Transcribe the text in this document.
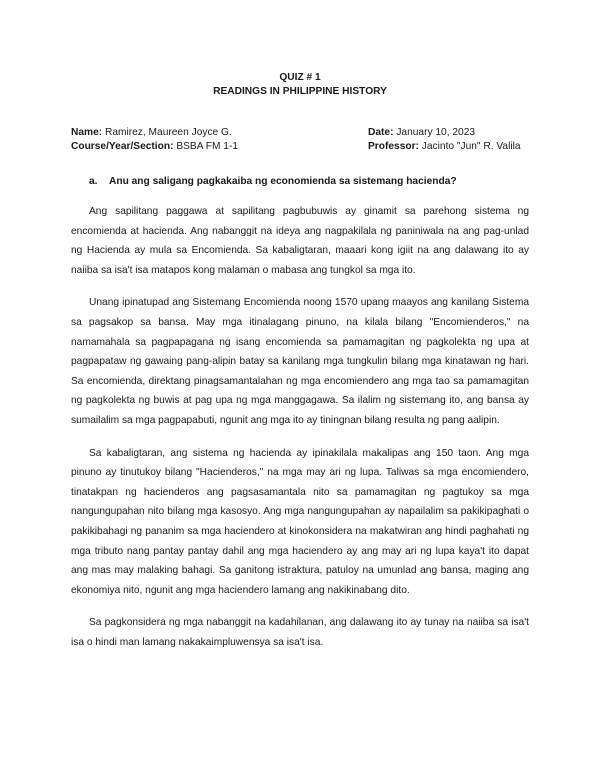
QUIZ # 1
READINGS IN PHILIPPINE HISTORY
Name: Ramirez, Maureen Joyce G.	Date: January 10, 2023
Course/Year/Section: BSBA FM 1-1	Professor: Jacinto "Jun" R. Valila
a.	Anu ang saligang pagkakaiba ng economienda sa sistemang hacienda?

Ang sapilitang paggawa at sapilitang pagbubuwis ay ginamit sa parehong sistema ng encomienda at hacienda. Ang nabanggit na ideya ang nagpakilala ng paniniwala na ang pag-unlad ng Hacienda ay mula sa Encomienda. Sa kabaligtaran, maaari kong igiit na ang dalawang ito ay naiiba sa isa't isa matapos kong malaman o mabasa ang tungkol sa mga ito.

Unang ipinatupad ang Sistemang Encomienda noong 1570 upang maayos ang kanilang Sistema sa pagsakop sa bansa. May mga itinalagang pinuno, na kilala bilang "Encomienderos," na namamahala sa pagpapagana ng isang encomienda sa pamamagitan ng pagkolekta ng upa at pagpapataw ng gawaing pang-alipin batay sa kanilang mga tungkulin bilang mga kinatawan ng hari. Sa encomienda, direktang pinagsamantalahan ng mga encomiendero ang mga tao sa pamamagitan ng pagkolekta ng buwis at pag upa ng mga manggagawa. Sa ilalim ng sistemang ito, ang bansa ay sumailalim sa mga pagpapabuti, ngunit ang mga ito ay tiningnan bilang resulta ng pang aalipin.

Sa kabaligtaran, ang sistema ng hacienda ay ipinakilala makalipas ang 150 taon. Ang mga pinuno ay tinutukoy bilang "Hacienderos," na mga may ari ng lupa. Taliwas sa mga encomiendero, tinatakpan ng hacienderos ang pagsasamantala nito sa pamamagitan ng pagtukoy sa mga nangungupahan nito bilang mga kasosyo. Ang mga nangungupahan ay napailalim sa pakikipaghati o pakikibahagi ng pananim sa mga haciendero at kinokonsidera na makatwiran ang hindi paghahati ng mga tributo nang pantay pantay dahil ang mga haciendero ay ang may ari ng lupa kaya't ito dapat ang mas may malaking bahagi. Sa ganitong istraktura, patuloy na umunlad ang bansa, maging ang ekonomiya nito, ngunit ang mga haciendero lamang ang nakikinabang dito.

Sa pagkonsidera ng mga nabanggit na kadahilanan, ang dalawang ito ay tunay na naiiba sa isa't isa o hindi man lamang nakakaimpluwensya sa isa't isa.
